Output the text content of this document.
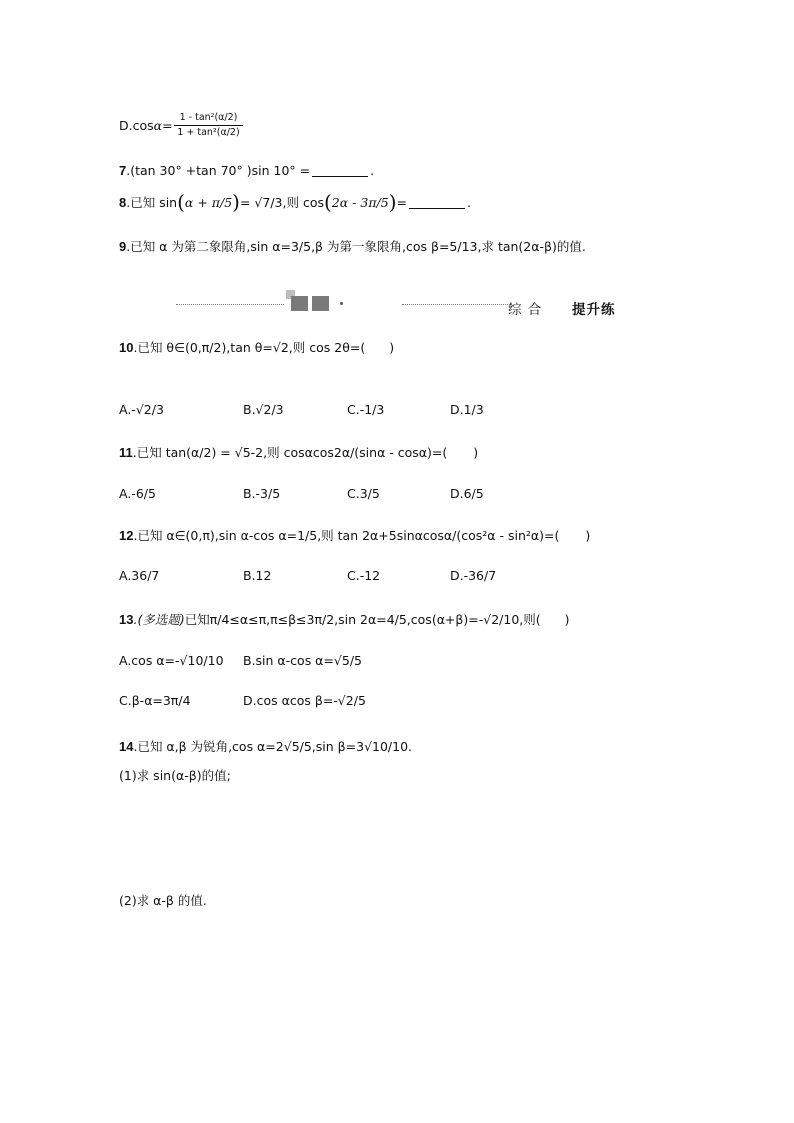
D.cos $\alpha = \frac{\text{1 - tan²(α/2)}}{\text{1 + tan²(α/2)}}$
7 .(tan 30° +tan 70° )sin 10° =	.
8 .已知 sin ( α + π/5 ) = √7/3,则 cos ( 2α - 3π/5 ) =	.
9 .已知 α 为第二象限角,sin α=3/5,β 为第一象限角,cos β=5/13,求 tan(2α-β)的值.
综 合 提升练
10 .已知 θ∈(0,π/2),tan θ=√2,则 cos 2θ=( )
A.-√2/3	B.√2/3	C.-1/3	D.1/3
11 .已知 tan(α/2) = √5-2,则 cosαcos2α/(sinα - cosα)=( )
A.-6/5	B.-3/5	C.3/5	D.6/5
12 .已知 α∈(0,π),sin α-cos α=1/5,则 tan 2α+5sinαcosα/(cos²α - sin²α)=( )
A.36/7	B.12	C.-12	D.-36/7
13 .(多选题) 已知π/4≤α≤π,π≤β≤3π/2,sin 2α=4/5,cos(α+β)=-√2/10,则( )
A.cos α=-√10/10 B.sin α-cos α=√5/5
C.β-α=3π/4	D.cos αcos β=-√2/5
14 .已知 α,β 为锐角,cos α=2√5/5,sin β=3√10/10.
(1)求 sin(α-β)的值;
(2)求 α-β 的值.
